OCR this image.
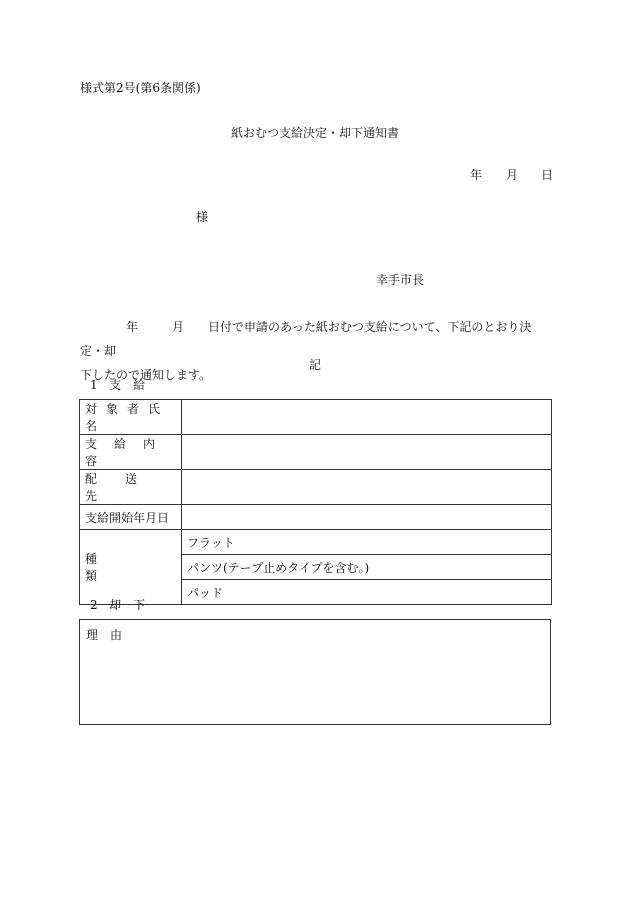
様式第2号(第6条関係)
紙おむつ支給決定・却下通知書
年 月 日
様
幸手市長
年	月 日付で申請のあった紙おむつ支給について、下記のとおり決定・却
下したので通知します。
記
1 支　給
対象者氏名	
支給内容	
配送先	
支給開始年月日	
種類	フラット
	パンツ(テープ止めタイプを含む。)
	パッド
2 却　下
理　由
